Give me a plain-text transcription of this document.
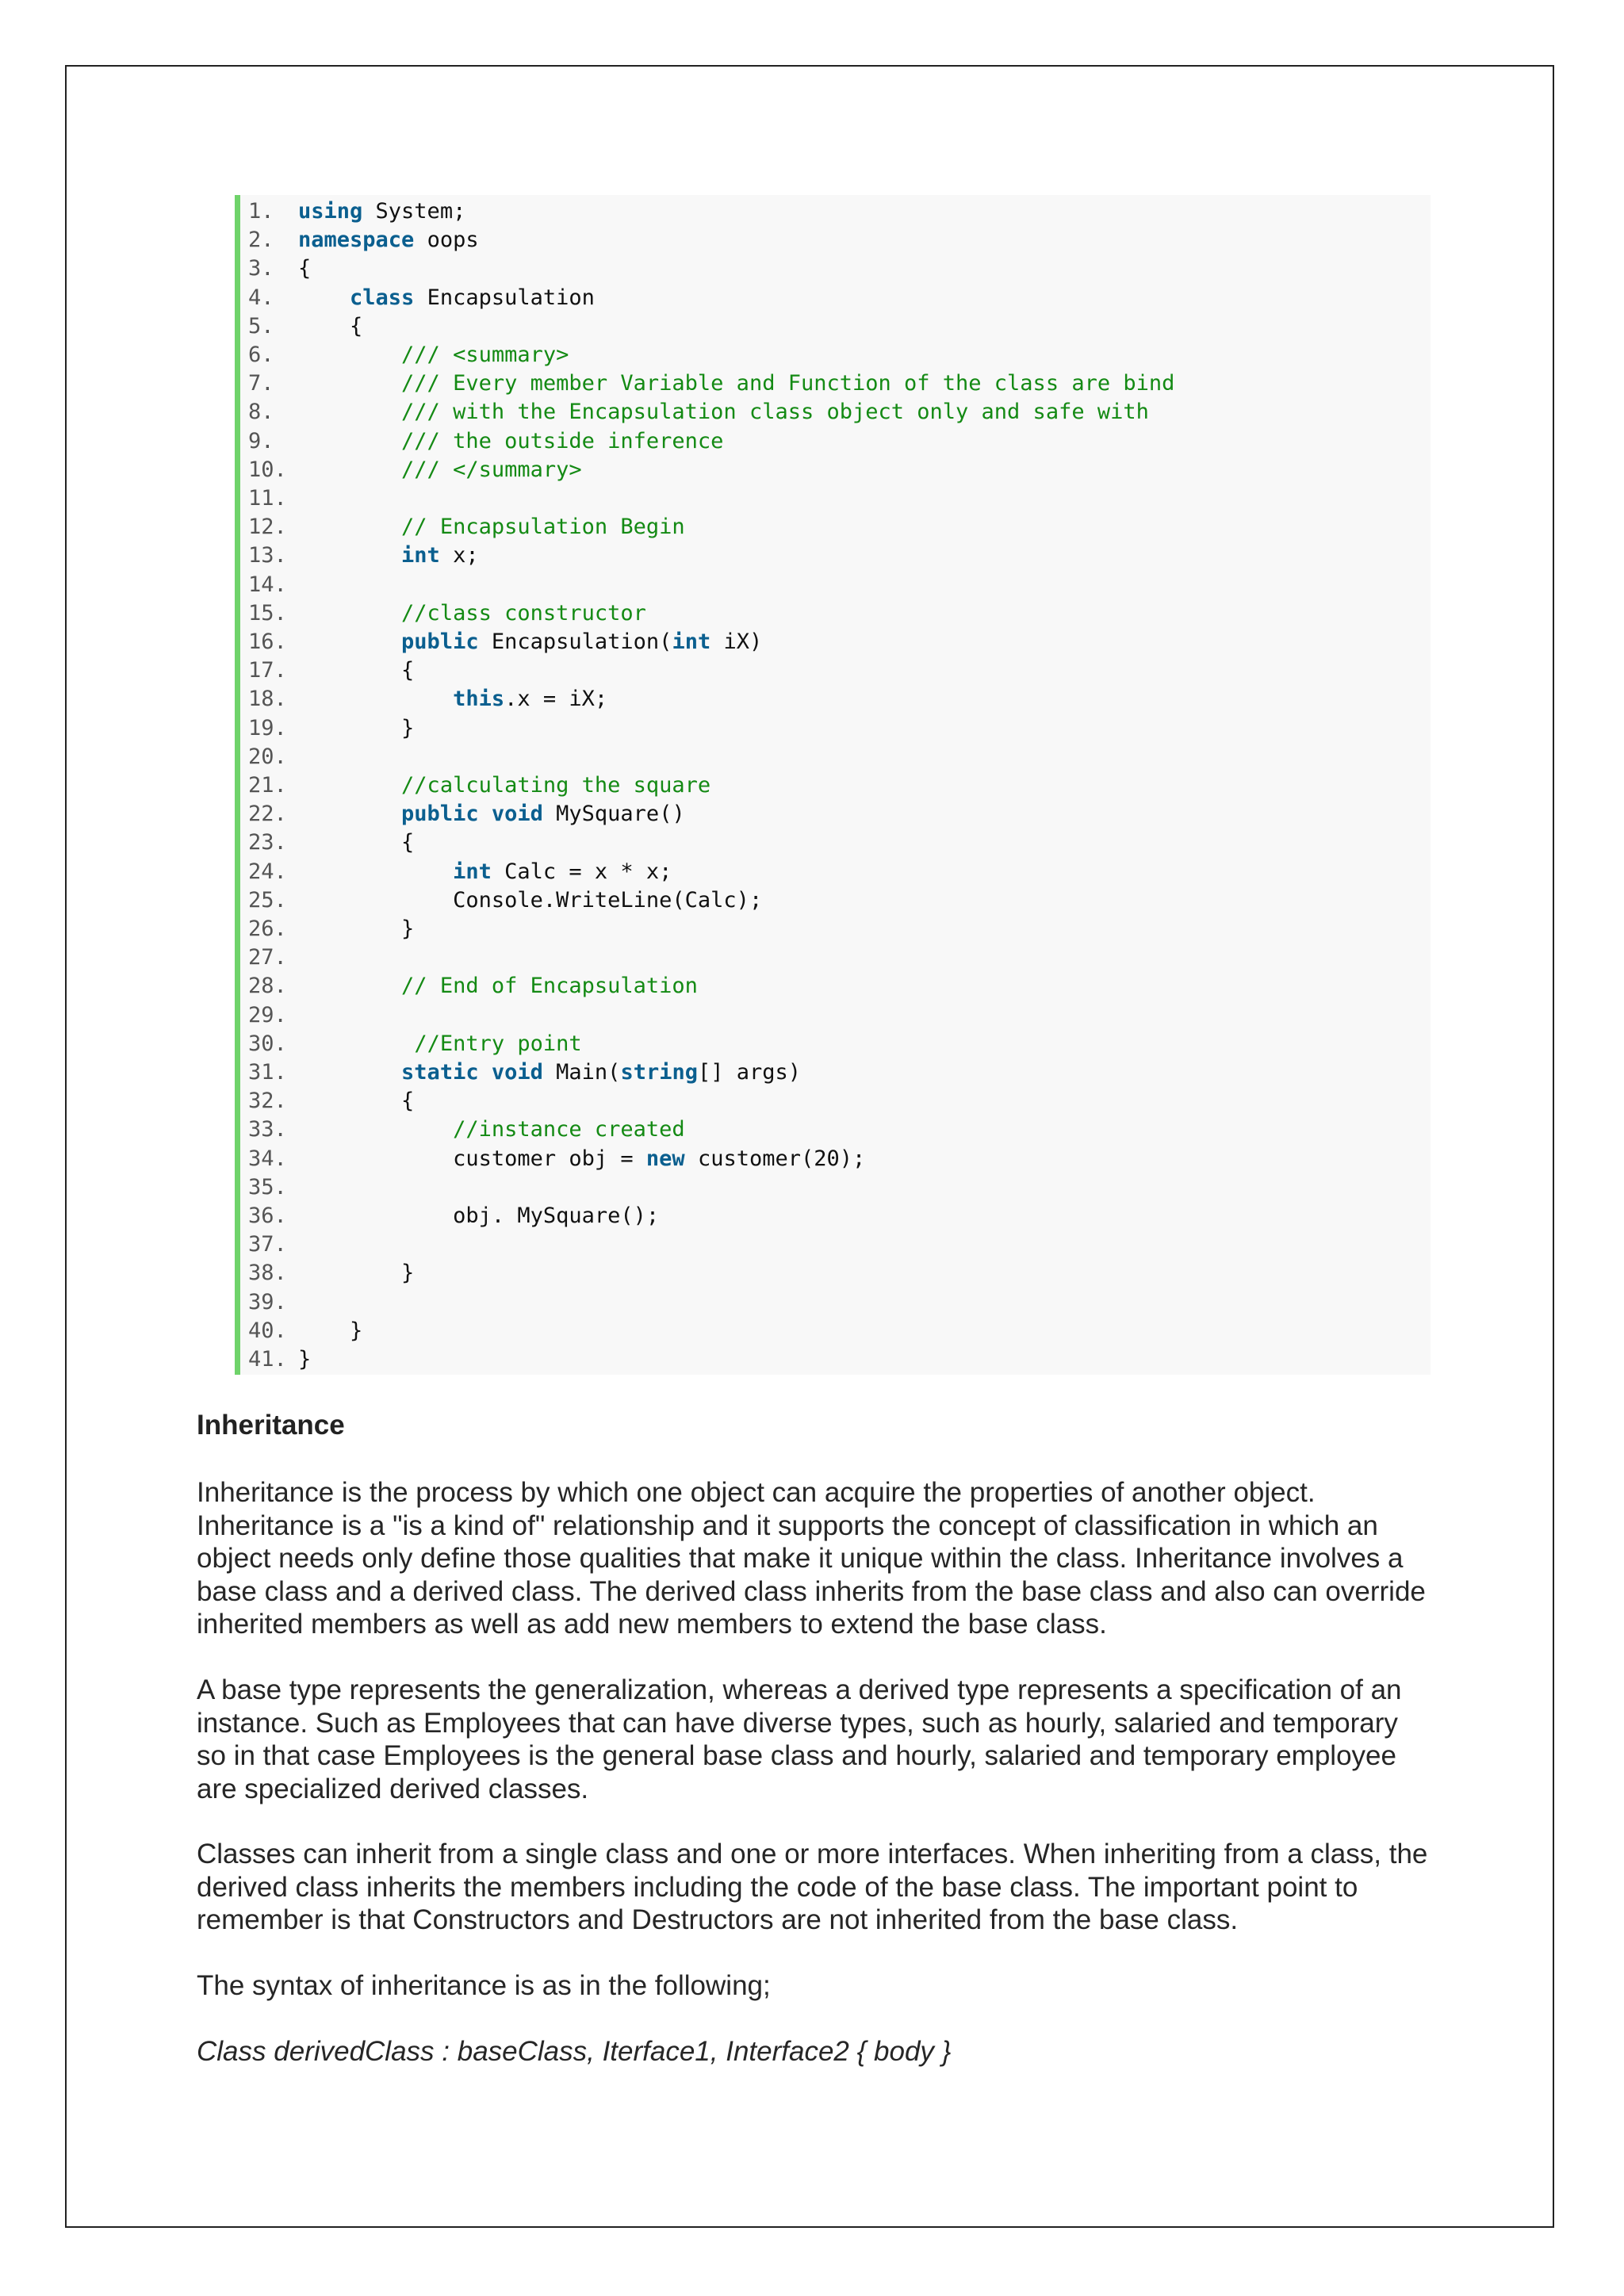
1. using System;
2. namespace oops
3. {
4.	class Encapsulation
5. {
6.	/// <summary>
7.	/// Every member Variable and Function of the class are bind
8.	/// with the Encapsulation class object only and safe with
9.	/// the outside inference
10.	/// </summary>
11.
12.	// Encapsulation Begin
13.	int x;
14.
15.	//class constructor
16.	public Encapsulation(int iX)
17. {
18.	this.x = iX;
19. }
20.
21.	//calculating the square
22.	public void MySquare()
23. {
24.	int Calc = x * x;
25. Console.WriteLine(Calc);
26. }
27.
28.	// End of Encapsulation
29.
30.	//Entry point
31.	static void Main(string[] args)
32. {
33.	//instance created
34. customer obj = new customer(20);
35.
36. obj. MySquare();
37.
38. }
39.
40. }
41. }
Inheritance

Inheritance is the process by which one object can acquire the properties of another object. Inheritance is a "is a kind of" relationship and it supports the concept of classification in which an object needs only define those qualities that make it unique within the class. Inheritance involves a base class and a derived class. The derived class inherits from the base class and also can override inherited members as well as add new members to extend the base class.

A base type represents the generalization, whereas a derived type represents a specification of an instance. Such as Employees that can have diverse types, such as hourly, salaried and temporary so in that case Employees is the general base class and hourly, salaried and temporary employee are specialized derived classes.

Classes can inherit from a single class and one or more interfaces. When inheriting from a class, the derived class inherits the members including the code of the base class. The important point to remember is that Constructors and Destructors are not inherited from the base class.

The syntax of inheritance is as in the following;

Class derivedClass : baseClass, Iterface1, Interface2 { body }
